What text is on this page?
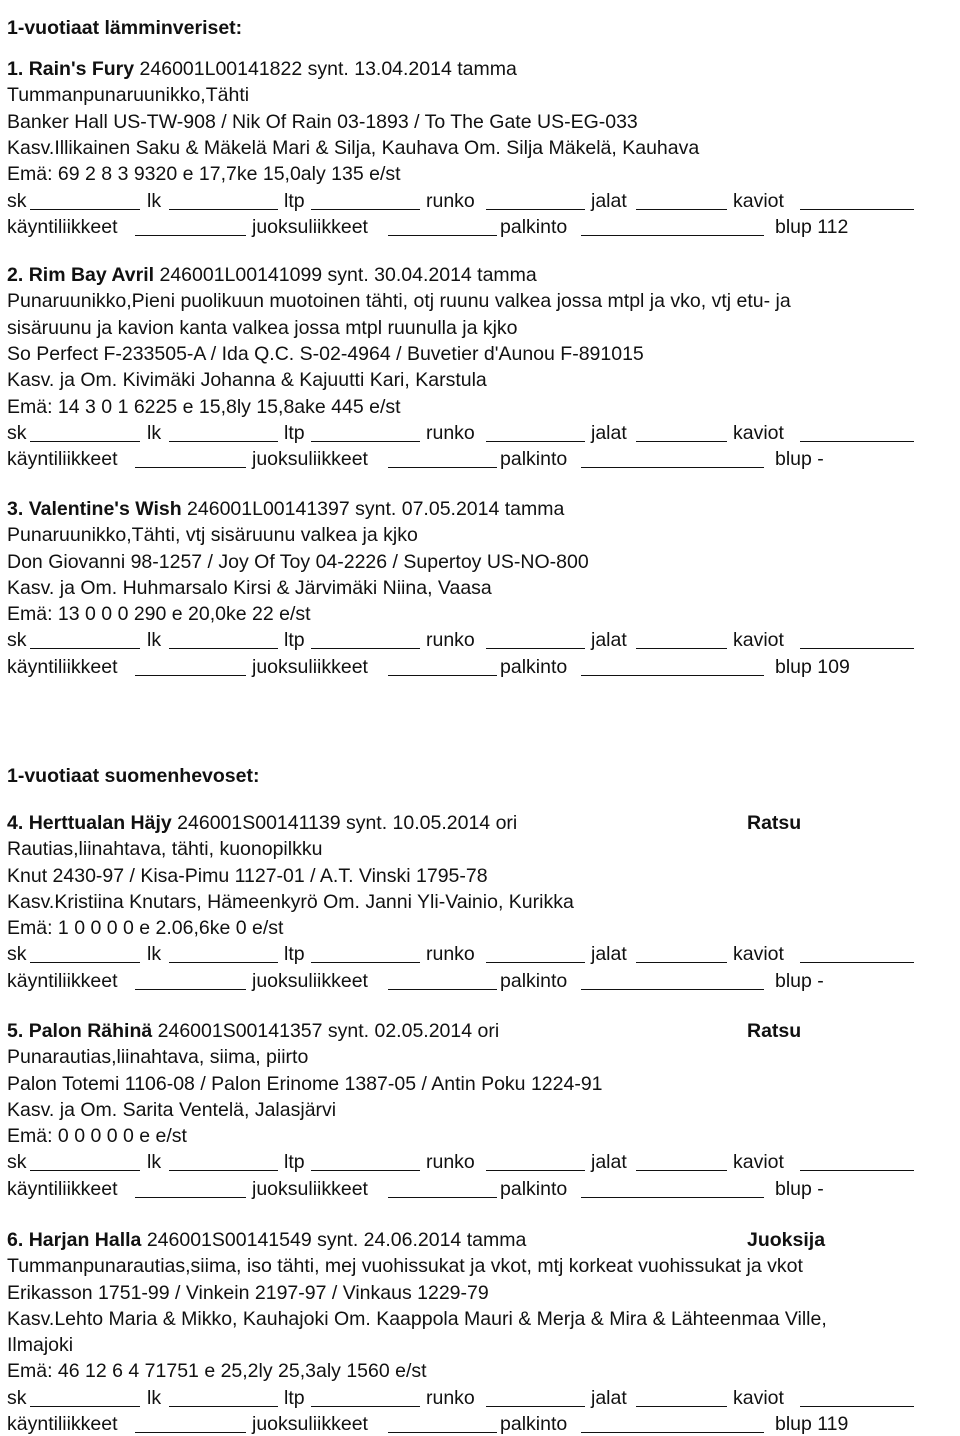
1-vuotiaat lämminveriset:
1. Rain's Fury 246001L00141822 synt. 13.04.2014 tamma
Tummanpunaruunikko,Tähti
Banker Hall US-TW-908 / Nik Of Rain 03-1893 / To The Gate US-EG-033
Kasv.Illikainen Saku & Mäkelä Mari & Silja, Kauhava Om. Silja Mäkelä, Kauhava
Emä: 69 2 8 3 9320 e 17,7ke 15,0aly 135 e/st
sk	lk	ltp	runko	jalat	kaviot
käyntiliikkeet	juoksuliikkeet	palkinto	blup 112
2. Rim Bay Avril 246001L00141099 synt. 30.04.2014 tamma
Punaruunikko,Pieni puolikuun muotoinen tähti, otj ruunu valkea jossa mtpl ja vko, vtj etu- ja
sisäruunu ja kavion kanta valkea jossa mtpl ruunulla ja kjko
So Perfect F-233505-A / Ida Q.C. S-02-4964 / Buvetier d'Aunou F-891015
Kasv. ja Om. Kivimäki Johanna & Kajuutti Kari, Karstula
Emä: 14 3 0 1 6225 e 15,8ly 15,8ake 445 e/st
sk	lk	ltp	runko	jalat	kaviot
käyntiliikkeet	juoksuliikkeet	palkinto	blup -
3. Valentine's Wish 246001L00141397 synt. 07.05.2014 tamma
Punaruunikko,Tähti, vtj sisäruunu valkea ja kjko
Don Giovanni 98-1257 / Joy Of Toy 04-2226 / Supertoy US-NO-800
Kasv. ja Om. Huhmarsalo Kirsi & Järvimäki Niina, Vaasa
Emä: 13 0 0 0 290 e 20,0ke 22 e/st
sk	lk	ltp	runko	jalat	kaviot
käyntiliikkeet	juoksuliikkeet	palkinto	blup 109
1-vuotiaat suomenhevoset:
4. Herttualan Häjy 246001S00141139 synt. 10.05.2014 ori	Ratsu
Rautias,liinahtava, tähti, kuonopilkku
Knut 2430-97 / Kisa-Pimu 1127-01 / A.T. Vinski 1795-78
Kasv.Kristiina Knutars, Hämeenkyrö Om. Janni Yli-Vainio, Kurikka
Emä: 1 0 0 0 0 e 2.06,6ke 0 e/st
sk	lk	ltp	runko	jalat	kaviot
käyntiliikkeet	juoksuliikkeet	palkinto	blup -
5. Palon Rähinä 246001S00141357 synt. 02.05.2014 ori	Ratsu
Punarautias,liinahtava, siima, piirto
Palon Totemi 1106-08 / Palon Erinome 1387-05 / Antin Poku 1224-91
Kasv. ja Om. Sarita Ventelä, Jalasjärvi
Emä: 0 0 0 0 0 e e/st
sk	lk	ltp	runko	jalat	kaviot
käyntiliikkeet	juoksuliikkeet	palkinto	blup -
6. Harjan Halla 246001S00141549 synt. 24.06.2014 tamma	Juoksija
Tummanpunarautias,siima, iso tähti, mej vuohissukat ja vkot, mtj korkeat vuohissukat ja vkot
Erikasson 1751-99 / Vinkein 2197-97 / Vinkaus 1229-79
Kasv.Lehto Maria & Mikko, Kauhajoki Om. Kaappola Mauri & Merja & Mira & Lähteenmaa Ville,
Ilmajoki
Emä: 46 12 6 4 71751 e 25,2ly 25,3aly 1560 e/st
sk	lk	ltp	runko	jalat	kaviot
käyntiliikkeet	juoksuliikkeet	palkinto	blup 119
